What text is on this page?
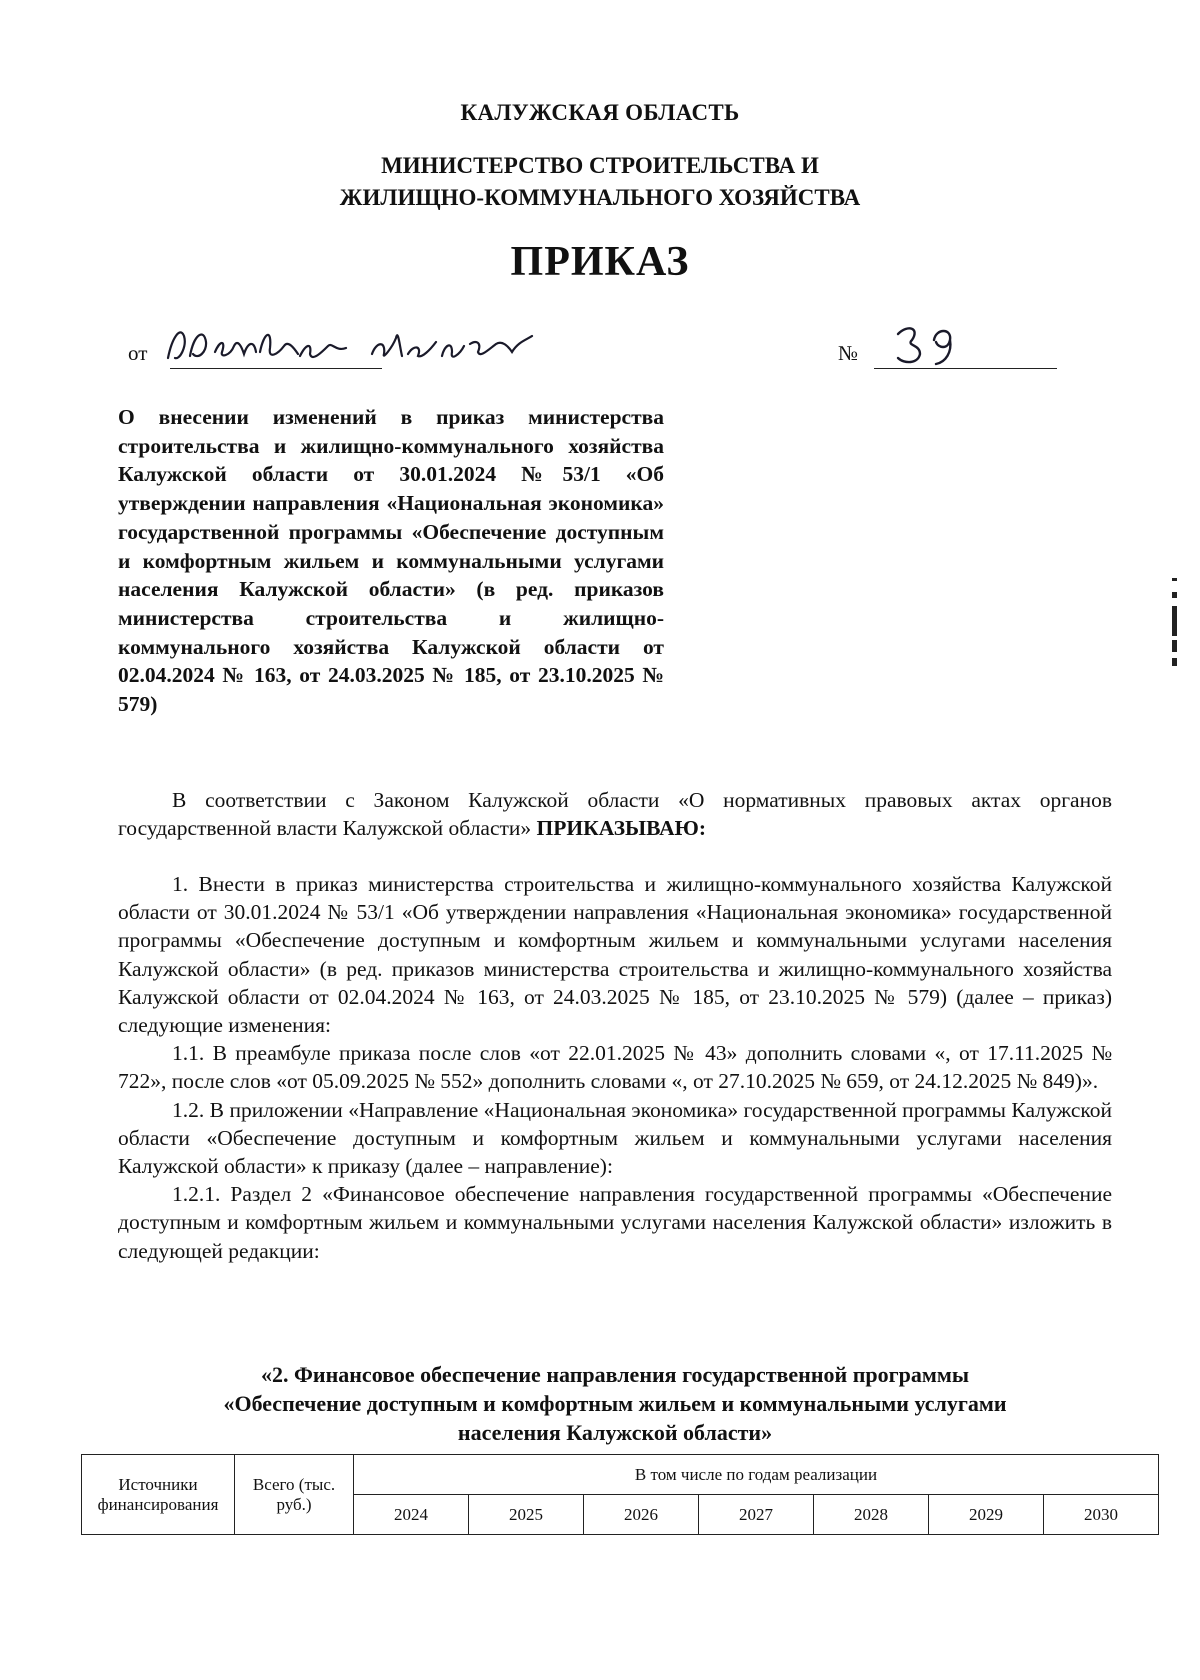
КАЛУЖСКАЯ ОБЛАСТЬ
МИНИСТЕРСТВО СТРОИТЕЛЬСТВА И
ЖИЛИЩНО-КОММУНАЛЬНОГО ХОЗЯЙСТВА
ПРИКАЗ
от	№
О внесении изменений в приказ министерства строительства и жилищно-коммунального хозяйства Калужской области от 30.01.2024 №53/1 «Об утверждении направления «Национальная экономика» государственной программы «Обеспечение доступным и комфортным жильем и коммунальными услугами населения Калужской области» (в ред. приказов министерства строительства и жилищно-коммунального хозяйства Калужской области от 02.04.2024 № 163, от 24.03.2025 № 185, от 23.10.2025 № 579)
В соответствии с Законом Калужской области «О нормативных правовых актах органов государственной власти Калужской области» ПРИКАЗЫВАЮ:
1. Внести в приказ министерства строительства и жилищно-коммунального хозяйства Калужской области от 30.01.2024 № 53/1 «Об утверждении направления «Национальная экономика» государственной программы «Обеспечение доступным и комфортным жильем и коммунальными услугами населения Калужской области» (в ред. приказов министерства строительства и жилищно-коммунального хозяйства Калужской области от 02.04.2024 № 163, от 24.03.2025 № 185, от 23.10.2025 № 579) (далее – приказ) следующие изменения:
1.1. В преамбуле приказа после слов «от 22.01.2025 № 43» дополнить словами «, от 17.11.2025 № 722», после слов «от 05.09.2025 № 552» дополнить словами «, от 27.10.2025 № 659, от 24.12.2025 № 849)».
1.2. В приложении «Направление «Национальная экономика» государственной программы Калужской области «Обеспечение доступным и комфортным жильем и коммунальными услугами населения Калужской области» к приказу (далее – направление):
1.2.1. Раздел 2 «Финансовое обеспечение направления государственной программы «Обеспечение доступным и комфортным жильем и коммунальными услугами населения Калужской области» изложить в следующей редакции:
«2. Финансовое обеспечение направления государственной программы
«Обеспечение доступным и комфортным жильем и коммунальными услугами
населения Калужской области»
Источники финансирования	Всего (тыс. руб.)	В том числе по годам реализации						
		2024	2025	2026	2027	2028	2029	2030
